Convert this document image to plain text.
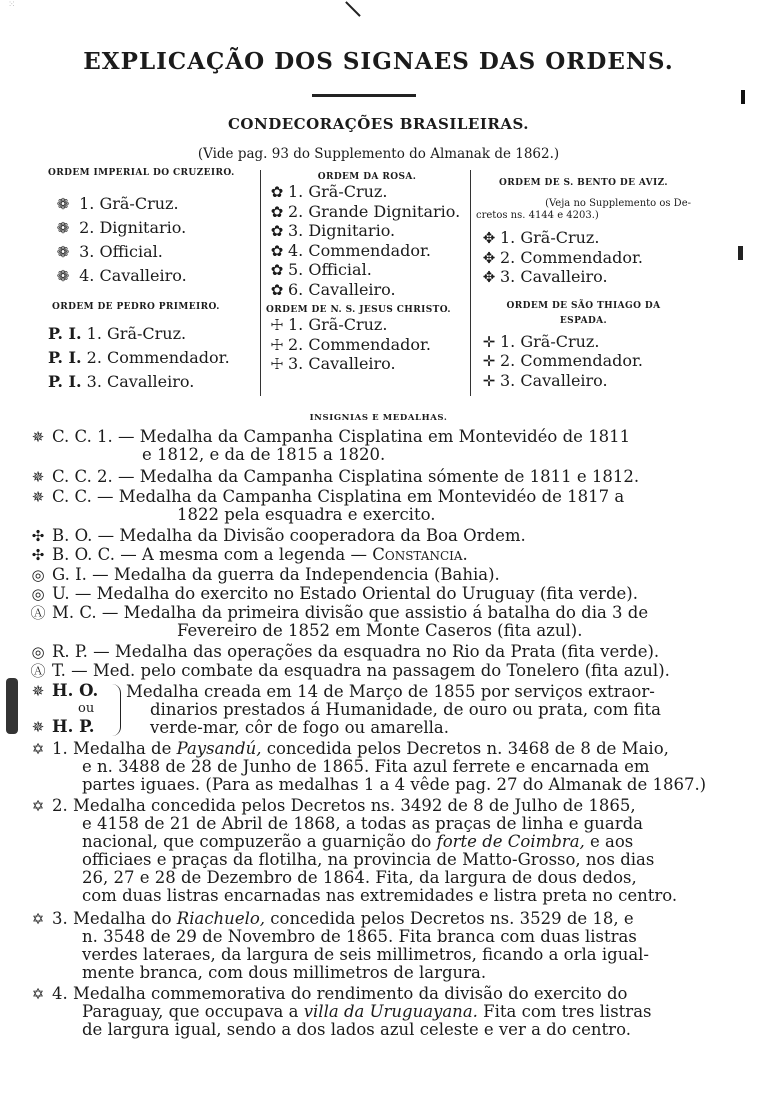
⁙
EXPLICAÇÃO DOS SIGNAES DAS ORDENS.
CONDECORAÇÕES BRASILEIRAS.
(Vide pag. 93 do Supplemento do Almanak de 1862.)
ORDEM IMPERIAL DO CRUZEIRO.
❁ 1. Grã-Cruz.
❁ 2. Dignitario.
❁ 3. Official.
❁ 4. Cavalleiro.
ORDEM DE PEDRO PRIMEIRO.
P. I. 1. Grã-Cruz.
P. I. 2. Commendador.
P. I. 3. Cavalleiro.
ORDEM DA ROSA.
✿ 1. Grã-Cruz.
✿ 2. Grande Dignitario.
✿ 3. Dignitario.
✿ 4. Commendador.
✿ 5. Official.
✿ 6. Cavalleiro.
ORDEM DE N. S. JESUS CHRISTO.
☩ 1. Grã-Cruz.
☩ 2. Commendador.
☩ 3. Cavalleiro.
ORDEM DE S. BENTO DE AVIZ.
(Veja no Supplemento os De-
cretos ns. 4144 e 4203.)
✥ 1. Grã-Cruz.
✥ 2. Commendador.
✥ 3. Cavalleiro.
ORDEM DE SÃO THIAGO DA
ESPADA.
✛ 1. Grã-Cruz.
✛ 2. Commendador.
✛ 3. Cavalleiro.
INSIGNIAS E MEDALHAS.
✵ C. C. 1. — Medalha da Campanha Cisplatina em Montevidéo de 1811
e 1812, e da de 1815 a 1820.
✵ C. C. 2. — Medalha da Campanha Cisplatina sómente de 1811 e 1812.
✵ C. C. — Medalha da Campanha Cisplatina em Montevidéo de 1817 a
1822 pela esquadra e exercito.
✣ B. O. — Medalha da Divisão cooperadora da Boa Ordem.
✣ B. O. C. — A mesma com a legenda — Constancia.
◎ G. I. — Medalha da guerra da Independencia (Bahia).
◎ U. — Medalha do exercito no Estado Oriental do Uruguay (fita verde).
Ⓐ M. C. — Medalha da primeira divisão que assistio á batalha do dia 3 de
Fevereiro de 1852 em Monte Caseros (fita azul).
◎ R. P. — Medalha das operações da esquadra no Rio da Prata (fita verde).
Ⓐ T. — Med. pelo combate da esquadra na passagem do Tonelero (fita azul).
✵ H. O.
ou
✵ H. P.
Medalha creada em 14 de Março de 1855 por serviços extraor-
dinarios prestados á Humanidade, de ouro ou prata, com fita
verde-mar, côr de fogo ou amarella.
✡ 1. Medalha de Paysandú, concedida pelos Decretos n. 3468 de 8 de Maio,
e n. 3488 de 28 de Junho de 1865. Fita azul ferrete e encarnada em
partes iguaes. (Para as medalhas 1 a 4 vêde pag. 27 do Almanak de 1867.)
✡ 2. Medalha concedida pelos Decretos ns. 3492 de 8 de Julho de 1865,
e 4158 de 21 de Abril de 1868, a todas as praças de linha e guarda
nacional, que compuzerão a guarnição do forte de Coimbra, e aos
officiaes e praças da flotilha, na provincia de Matto-Grosso, nos dias
26, 27 e 28 de Dezembro de 1864. Fita, da largura de dous dedos,
com duas listras encarnadas nas extremidades e listra preta no centro.
✡ 3. Medalha do Riachuelo, concedida pelos Decretos ns. 3529 de 18, e
n. 3548 de 29 de Novembro de 1865. Fita branca com duas listras
verdes lateraes, da largura de seis millimetros, ficando a orla igual-
mente branca, com dous millimetros de largura.
✡ 4. Medalha commemorativa do rendimento da divisão do exercito do
Paraguay, que occupava a villa da Uruguayana. Fita com tres listras
de largura igual, sendo a dos lados azul celeste e ver a do centro.
